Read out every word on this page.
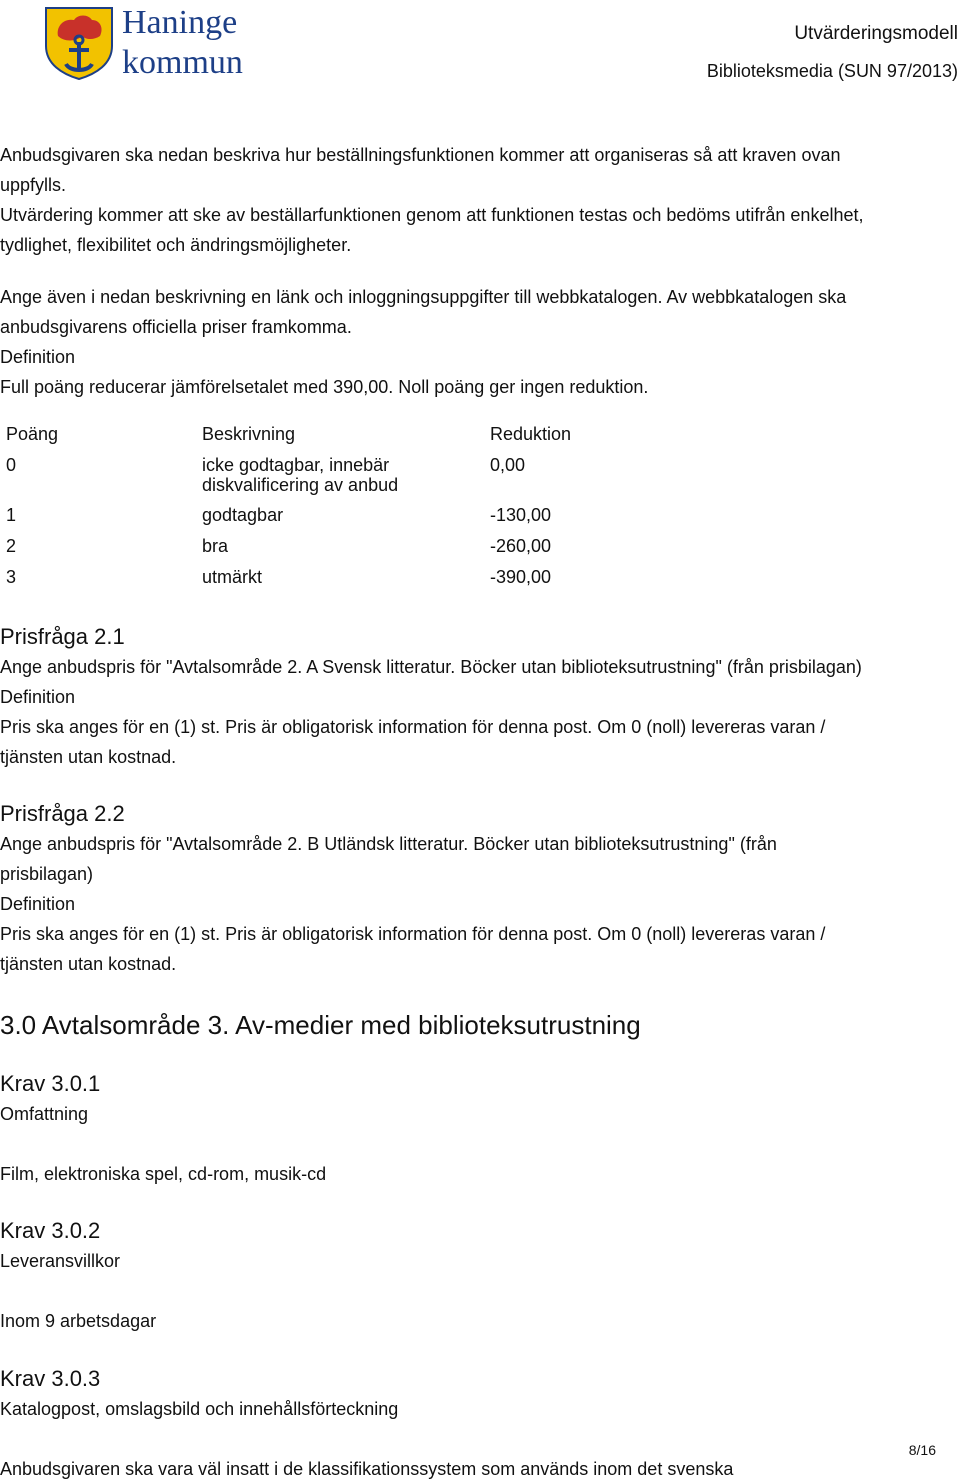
Haninge
kommun
Utvärderingsmodell
Biblioteksmedia (SUN 97/2013)
Anbudsgivaren ska nedan beskriva hur beställningsfunktionen kommer att organiseras så att kraven ovan
uppfylls.
Utvärdering kommer att ske av beställarfunktionen genom att funktionen testas och bedöms utifrån enkelhet,
tydlighet, flexibilitet och ändringsmöjligheter.
Ange även i nedan beskrivning en länk och inloggningsuppgifter till webbkatalogen. Av webbkatalogen ska
anbudsgivarens officiella priser framkomma.
Definition
Full poäng reducerar jämförelsetalet med 390,00. Noll poäng ger ingen reduktion.
Poäng	Beskrivning	Reduktion
0	icke godtagbar, innebär
diskvalificering av anbud	0,00
1	godtagbar	-130,00
2	bra	-260,00
3	utmärkt	-390,00
Prisfråga 2.1
Ange anbudspris för "Avtalsområde 2. A Svensk litteratur. Böcker utan biblioteksutrustning" (från prisbilagan)
Definition
Pris ska anges för en (1) st. Pris är obligatorisk information för denna post. Om 0 (noll) levereras varan /
tjänsten utan kostnad.
Prisfråga 2.2
Ange anbudspris för "Avtalsområde 2. B Utländsk litteratur. Böcker utan biblioteksutrustning" (från
prisbilagan)
Definition
Pris ska anges för en (1) st. Pris är obligatorisk information för denna post. Om 0 (noll) levereras varan /
tjänsten utan kostnad.
3.0 Avtalsområde 3. Av-medier med biblioteksutrustning
Krav 3.0.1
Omfattning
Film, elektroniska spel, cd-rom, musik-cd
Krav 3.0.2
Leveransvillkor
Inom 9 arbetsdagar
Krav 3.0.3
Katalogpost, omslagsbild och innehållsförteckning
Anbudsgivaren ska vara väl insatt i de klassifikationssystem som används inom det svenska
8/16
